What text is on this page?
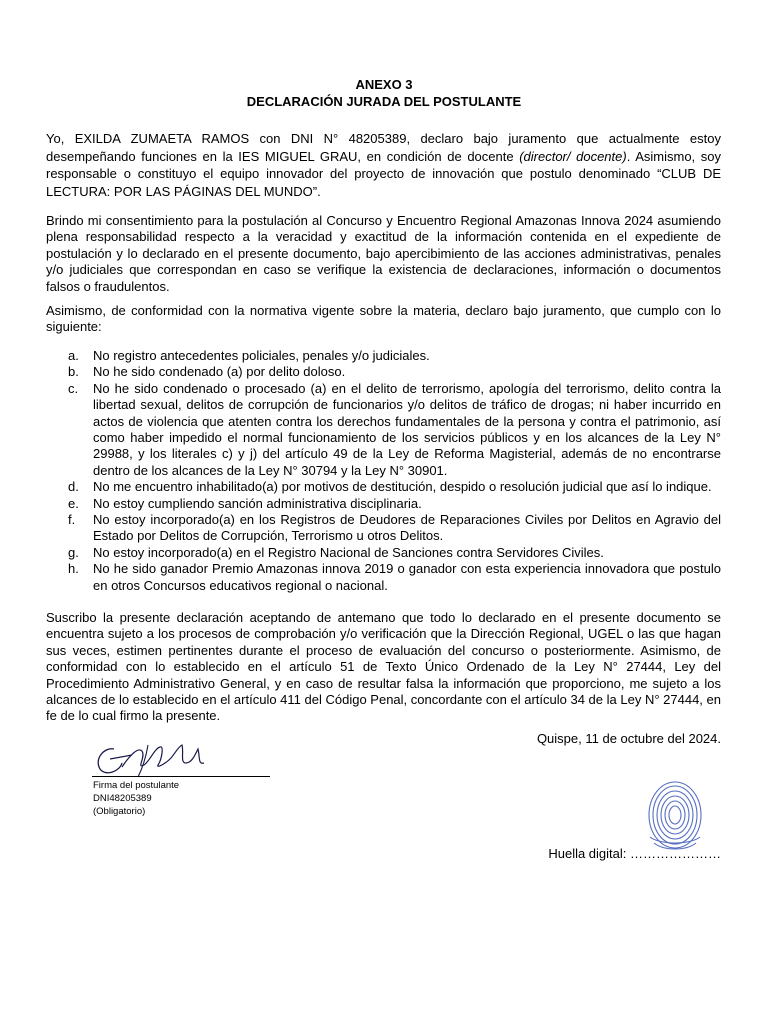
ANEXO 3
DECLARACIÓN JURADA DEL POSTULANTE

Yo, EXILDA ZUMAETA RAMOS con DNI N° 48205389, declaro bajo juramento que actualmente estoy desempeñando funciones en la IES MIGUEL GRAU, en condición de docente (director/ docente). Asimismo, soy responsable o constituyo el equipo innovador del proyecto de innovación que postulo denominado “CLUB DE LECTURA: POR LAS PÁGINAS DEL MUNDO”.

Brindo mi consentimiento para la postulación al Concurso y Encuentro Regional Amazonas Innova 2024 asumiendo plena responsabilidad respecto a la veracidad y exactitud de la información contenida en el expediente de postulación y lo declarado en el presente documento, bajo apercibimiento de las acciones administrativas, penales y/o judiciales que correspondan en caso se verifique la existencia de declaraciones, información o documentos falsos o fraudulentos.

Asimismo, de conformidad con la normativa vigente sobre la materia, declaro bajo juramento, que cumplo con lo siguiente:

a. No registro antecedentes policiales, penales y/o judiciales.
b. No he sido condenado (a) por delito doloso.
c. No he sido condenado o procesado (a) en el delito de terrorismo, apología del terrorismo, delito contra la libertad sexual, delitos de corrupción de funcionarios y/o delitos de tráfico de drogas; ni haber incurrido en actos de violencia que atenten contra los derechos fundamentales de la persona y contra el patrimonio, así como haber impedido el normal funcionamiento de los servicios públicos y en los alcances de la Ley N° 29988, y los literales c) y j) del artículo 49 de la Ley de Reforma Magisterial, además de no encontrarse dentro de los alcances de la Ley N° 30794 y la Ley N° 30901.
d. No me encuentro inhabilitado(a) por motivos de destitución, despido o resolución judicial que así lo indique.
e. No estoy cumpliendo sanción administrativa disciplinaria.
f. No estoy incorporado(a) en los Registros de Deudores de Reparaciones Civiles por Delitos en Agravio del Estado por Delitos de Corrupción, Terrorismo u otros Delitos.
g. No estoy incorporado(a) en el Registro Nacional de Sanciones contra Servidores Civiles.
h. No he sido ganador Premio Amazonas innova 2019 o ganador con esta experiencia innovadora que postulo en otros Concursos educativos regional o nacional.

Suscribo la presente declaración aceptando de antemano que todo lo declarado en el presente documento se encuentra sujeto a los procesos de comprobación y/o verificación que la Dirección Regional, UGEL o las que hagan sus veces, estimen pertinentes durante el proceso de evaluación del concurso o posteriormente. Asimismo, de conformidad con lo establecido en el artículo 51 de Texto Único Ordenado de la Ley N° 27444, Ley del Procedimiento Administrativo General, y en caso de resultar falsa la información que proporciono, me sujeto a los alcances de lo establecido en el artículo 411 del Código Penal, concordante con el artículo 34 de la Ley N° 27444, en fe de lo cual firmo la presente.

Quispe, 11 de octubre del 2024.
Firma del postulante
DNI48205389
(Obligatorio)
Huella digital: …………………
